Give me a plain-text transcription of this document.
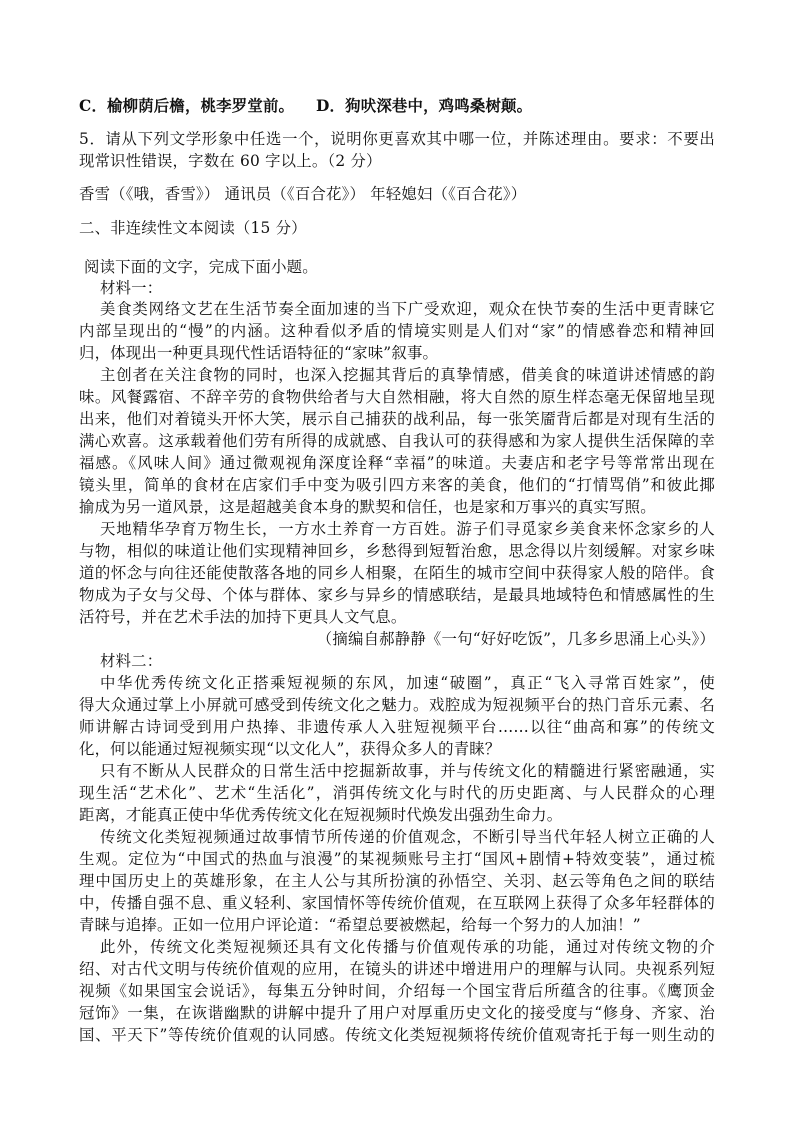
C．榆柳荫后檐，桃李罗堂前。 D．狗吠深巷中，鸡鸣桑树颠。
5．请从下列文学形象中任选一个，说明你更喜欢其中哪一位，并陈述理由。要求：不要出
现常识性错误，字数在 60 字以上。（2 分）
香雪（《哦，香雪》） 通讯员（《百合花》） 年轻媳妇（《百合花》）
二、非连续性文本阅读（15 分）
阅读下面的文字，完成下面小题。
材料一：
美食类网络文艺在生活节奏全面加速的当下广受欢迎，观众在快节奏的生活中更青睐它
内部呈现出的“慢”的内涵。这种看似矛盾的情境实则是人们对“家”的情感眷恋和精神回
归，体现出一种更具现代性话语特征的“家味”叙事。
主创者在关注食物的同时，也深入挖掘其背后的真挚情感，借美食的味道讲述情感的韵
味。风餐露宿、不辞辛劳的食物供给者与大自然相融，将大自然的原生样态毫无保留地呈现
出来，他们对着镜头开怀大笑，展示自己捕获的战利品，每一张笑靥背后都是对现有生活的
满心欢喜。这承载着他们劳有所得的成就感、自我认可的获得感和为家人提供生活保障的幸
福感。《风味人间》通过微观视角深度诠释“幸福”的味道。夫妻店和老字号等常常出现在
镜头里，简单的食材在店家们手中变为吸引四方来客的美食，他们的“打情骂俏”和彼此揶
揄成为另一道风景，这是超越美食本身的默契和信任，也是家和万事兴的真实写照。
天地精华孕育万物生长，一方水土养育一方百姓。游子们寻觅家乡美食来怀念家乡的人
与物，相似的味道让他们实现精神回乡，乡愁得到短暂治愈，思念得以片刻缓解。对家乡味
道的怀念与向往还能使散落各地的同乡人相聚，在陌生的城市空间中获得家人般的陪伴。食
物成为子女与父母、个体与群体、家乡与异乡的情感联结，是最具地域特色和情感属性的生
活符号，并在艺术手法的加持下更具人文气息。
（摘编自郝静静《一句“好好吃饭”，几多乡思涌上心头》）
材料二：
中华优秀传统文化正搭乘短视频的东风，加速“破圈”，真正“飞入寻常百姓家”，使
得大众通过掌上小屏就可感受到传统文化之魅力。戏腔成为短视频平台的热门音乐元素、名
师讲解古诗词受到用户热捧、非遗传承人入驻短视频平台……以往“曲高和寡”的传统文
化，何以能通过短视频实现“以文化人”，获得众多人的青睐？
只有不断从人民群众的日常生活中挖掘新故事，并与传统文化的精髓进行紧密融通，实
现生活“艺术化”、艺术“生活化”，消弭传统文化与时代的历史距离、与人民群众的心理
距离，才能真正使中华优秀传统文化在短视频时代焕发出强劲生命力。
传统文化类短视频通过故事情节所传递的价值观念，不断引导当代年轻人树立正确的人
生观。定位为“中国式的热血与浪漫”的某视频账号主打“国风+剧情+特效变装”，通过梳
理中国历史上的英雄形象，在主人公与其所扮演的孙悟空、关羽、赵云等角色之间的联结
中，传播自强不息、重义轻利、家国情怀等传统价值观，在互联网上获得了众多年轻群体的
青睐与追捧。正如一位用户评论道：“希望总要被燃起，给每一个努力的人加油！”
此外，传统文化类短视频还具有文化传播与价值观传承的功能，通过对传统文物的介
绍、对古代文明与传统价值观的应用，在镜头的讲述中增进用户的理解与认同。央视系列短
视频《如果国宝会说话》，每集五分钟时间，介绍每一个国宝背后所蕴含的往事。《鹰顶金
冠饰》一集，在诙谐幽默的讲解中提升了用户对厚重历史文化的接受度与“修身、齐家、治
国、平天下”等传统价值观的认同感。传统文化类短视频将传统价值观寄托于每一则生动的
